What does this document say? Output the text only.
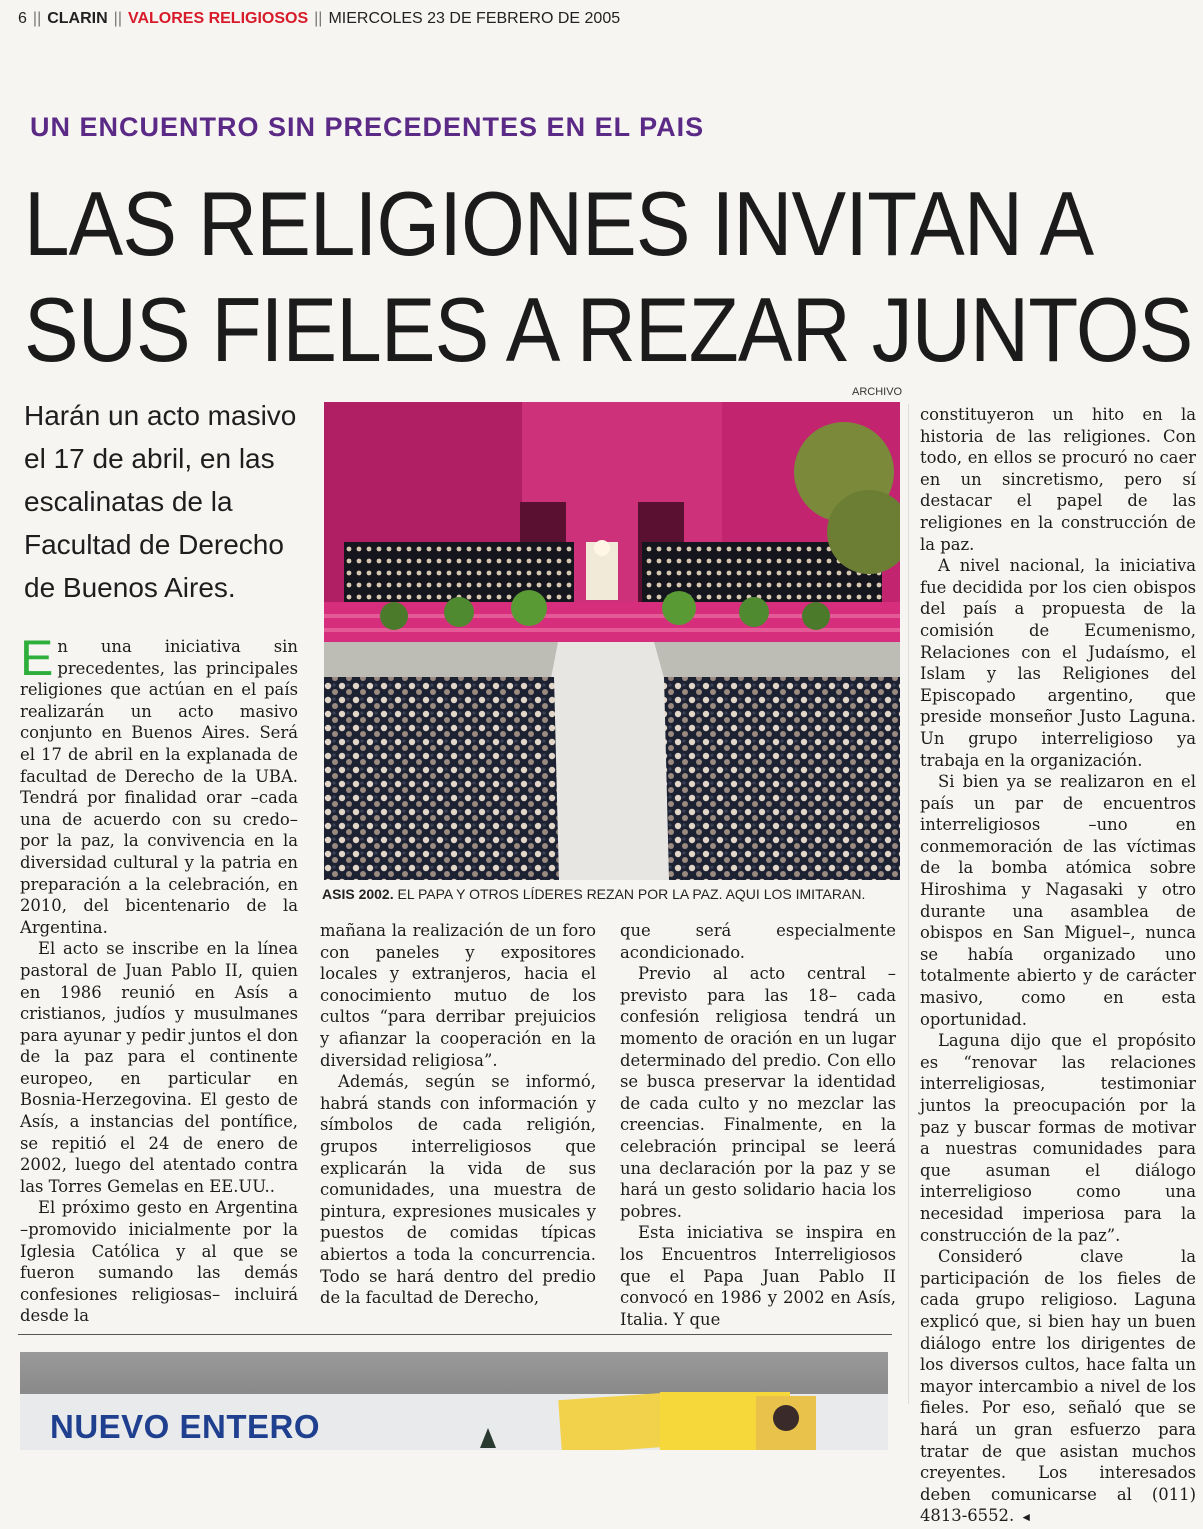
6 || CLARIN || VALORES RELIGIOSOS || MIERCOLES 23 DE FEBRERO DE 2005
UN ENCUENTRO SIN PRECEDENTES EN EL PAIS
LAS RELIGIONES INVITAN A
SUS FIELES A REZAR JUNTOS
Harán un acto masivo el 17 de abril, en las escalinatas de la Facultad de Derecho de Buenos Aires.
ARCHIVO
ASIS 2002. EL PAPA Y OTROS LÍDERES REZAN POR LA PAZ. AQUI LOS IMITARAN.

En una iniciativa sin precedentes, las principales religiones que actúan en el país realizarán un acto masivo conjunto en Buenos Aires. Será el 17 de abril en la explanada de facultad de Derecho de la UBA. Tendrá por finalidad orar –cada una de acuerdo con su credo– por la paz, la convivencia en la diversidad cultural y la patria en preparación a la celebración, en 2010, del bicentenario de la Argentina.

El acto se inscribe en la línea pastoral de Juan Pablo II, quien en 1986 reunió en Asís a cristianos, judíos y musulmanes para ayunar y pedir juntos el don de la paz para el continente europeo, en particular en Bosnia-Herzegovina. El gesto de Asís, a instancias del pontífice, se repitió el 24 de enero de 2002, luego del atentado contra las Torres Gemelas en EE.UU..

El próximo gesto en Argentina –promovido inicialmente por la Iglesia Católica y al que se fueron sumando las demás confesiones religiosas– incluirá desde la

mañana la realización de un foro con paneles y expositores locales y extranjeros, hacia el conocimiento mutuo de los cultos “para derribar prejuicios y afianzar la cooperación en la diversidad religiosa”.

Además, según se informó, habrá stands con información y símbolos de cada religión, grupos interreligiosos que explicarán la vida de sus comunidades, una muestra de pintura, expresiones musicales y puestos de comidas típicas abiertos a toda la concurrencia. Todo se hará dentro del predio de la facultad de Derecho,

que será especialmente acondicionado.

Previo al acto central –previsto para las 18– cada confesión religiosa tendrá un momento de oración en un lugar determinado del predio. Con ello se busca preservar la identidad de cada culto y no mezclar las creencias. Finalmente, en la celebración principal se leerá una declaración por la paz y se hará un gesto solidario hacia los pobres.

Esta iniciativa se inspira en los Encuentros Interreligiosos que el Papa Juan Pablo II convocó en 1986 y 2002 en Asís, Italia. Y que

constituyeron un hito en la historia de las religiones. Con todo, en ellos se procuró no caer en un sincretismo, pero sí destacar el papel de las religiones en la construcción de la paz.

A nivel nacional, la iniciativa fue decidida por los cien obispos del país a propuesta de la comisión de Ecumenismo, Relaciones con el Judaísmo, el Islam y las Religiones del Episcopado argentino, que preside monseñor Justo Laguna. Un grupo interreligioso ya trabaja en la organización.

Si bien ya se realizaron en el país un par de encuentros interreligiosos –uno en conmemoración de las víctimas de la bomba atómica sobre Hiroshima y Nagasaki y otro durante una asamblea de obispos en San Miguel–, nunca se había organizado uno totalmente abierto y de carácter masivo, como en esta oportunidad.

Laguna dijo que el propósito es “renovar las relaciones interreligiosas, testimoniar juntos la preocupación por la paz y buscar formas de motivar a nuestras comunidades para que asuman el diálogo interreligioso como una necesidad imperiosa para la construcción de la paz”.

Consideró clave la participación de los fieles de cada grupo religioso. Laguna explicó que, si bien hay un buen diálogo entre los dirigentes de los diversos cultos, hace falta un mayor intercambio a nivel de los fieles. Por eso, señaló que se hará un gran esfuerzo para tratar de que asistan muchos creyentes. Los interesados deben comunicarse al (011) 4813-6552. ◄

NUEVO ENTERO
